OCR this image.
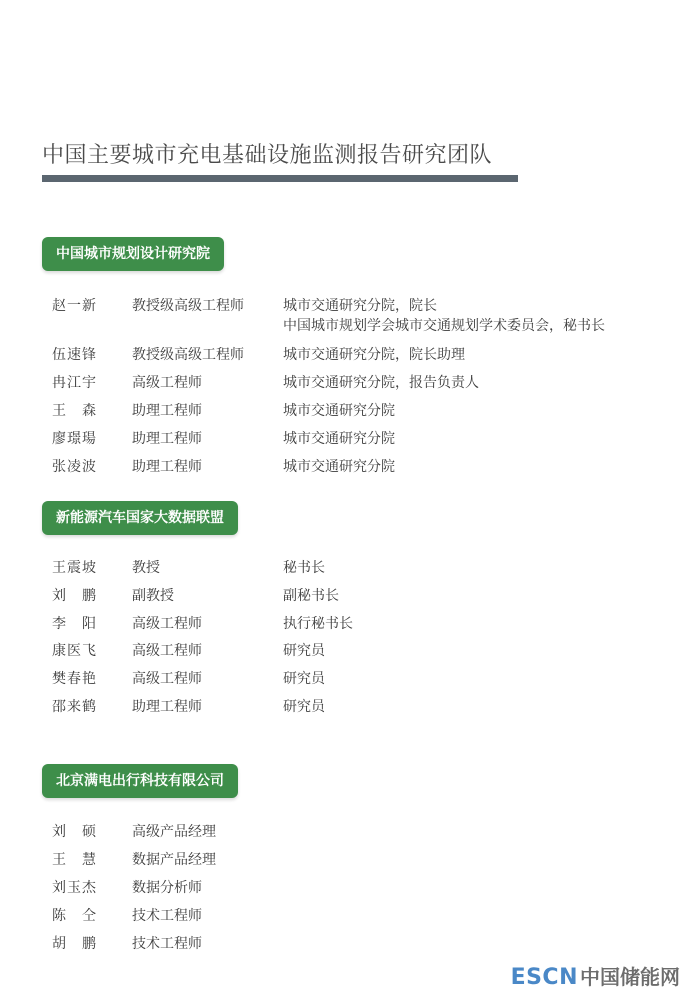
中国主要城市充电基础设施监测报告研究团队
中国城市规划设计研究院
赵一新	教授级高级工程师	城市交通研究分院，院长
中国城市规划学会城市交通规划学术委员会，秘书长
伍速锋	教授级高级工程师	城市交通研究分院，院长助理
冉江宇	高级工程师	城市交通研究分院，报告负责人
王　森	助理工程师	城市交通研究分院
廖璟瑒	助理工程师	城市交通研究分院
张凌波	助理工程师	城市交通研究分院
新能源汽车国家大数据联盟
王震坡	教授	秘书长
刘　鹏	副教授	副秘书长
李　阳	高级工程师	执行秘书长
康医飞	高级工程师	研究员
樊春艳	高级工程师	研究员
邵来鹤	助理工程师	研究员
北京满电出行科技有限公司
刘　硕	高级产品经理
王　慧	数据产品经理
刘玉杰	数据分析师
陈　仝	技术工程师
胡　鹏	技术工程师
ESCN 中国储能网
